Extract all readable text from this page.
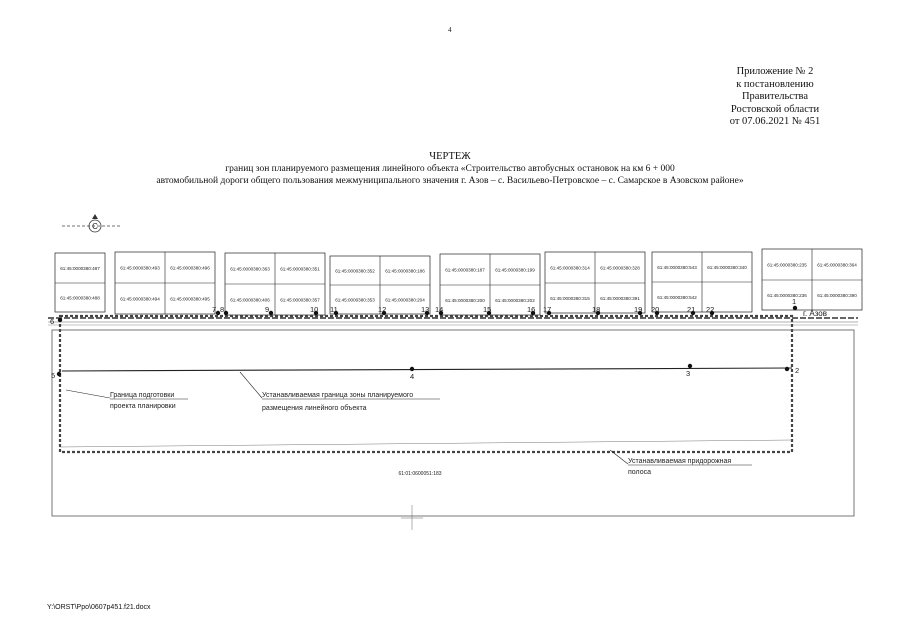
4
Приложение № 2
к постановлению
Правительства
Ростовской области
от 07.06.2021 № 451
ЧЕРТЕЖ
границ зон планируемого размещения линейного объекта «Строительство автобусных остановок на км 6 + 000
автомобильной дороги общего пользования межмуниципального значения г. Азов – с. Васильево-Петровское – с. Самарское в Азовском районе»
С
61:45:0000380:487
61:45:0000380:488
61:45:0000380:493 61:45:0000380:496
61:45:0000380:494 61:45:0000380:495
61:45:0000380:363 61:45:0000380:351
61:45:0000380:406 61:45:0000380:357
61:45:0000380:352 61:45:0000380:186
61:45:0000380:353 61:45:0000380:204
61:45:0000380:187 61:45:0000380:199
61:45:0000380:200 61:45:0000380:202
61:45:0000380:314 61:45:0000380:328
61:45:0000380:315 61:45:0000380:391
61:45:0000380:543 61:45:0000380:340
61:45:0000380:542
61:45:0000380:235 61:45:0000380:364
61:45:0000380:236 61:45:0000380:390
г. Азов
1
2
3
4
5
6
7 8	9	10 11	12	13 14	15	16 17	18	19 20	21 22
Граница подготовки
проекта планировки
Устанавливаемая граница зоны планируемого
размещения линейного объекта
Устанавливаемая придорожная
полоса
61:01:0600051:183
Y:\ORST\Ppo\0607p451.f21.docx
